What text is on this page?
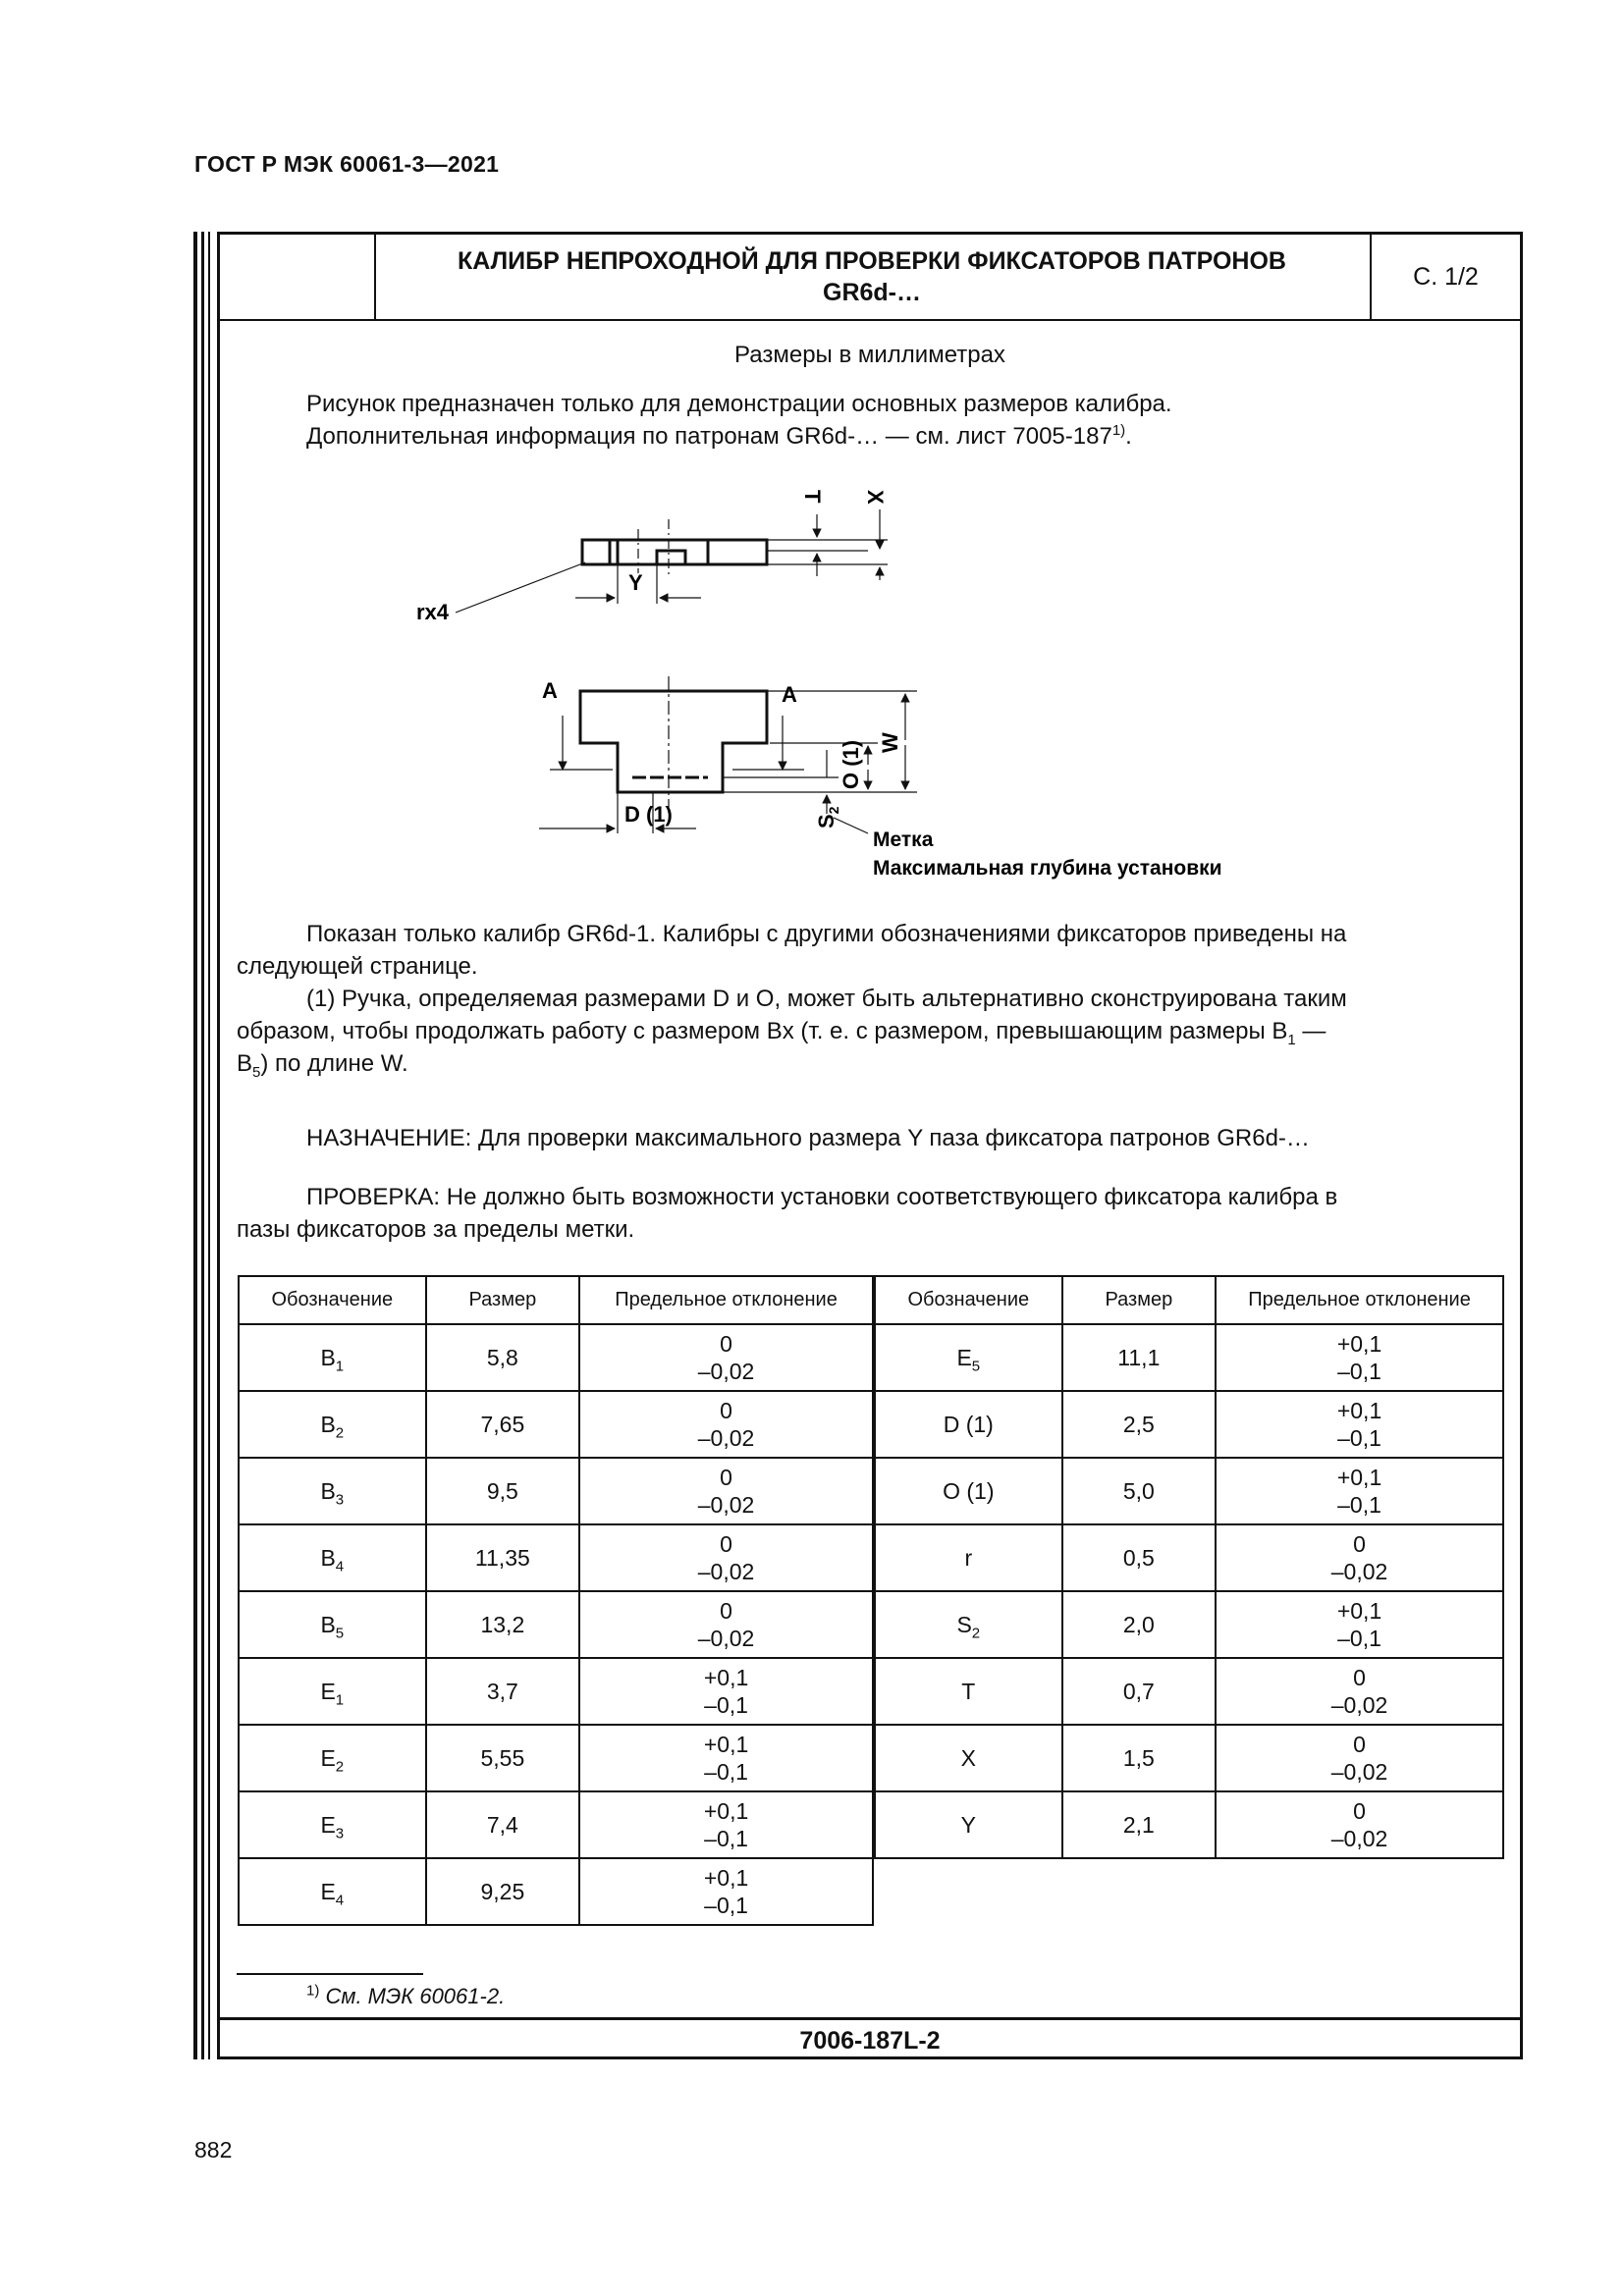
ГОСТ Р МЭК 60061-3—2021
КАЛИБР НЕПРОХОДНОЙ ДЛЯ ПРОВЕРКИ ФИКСАТОРОВ ПАТРОНОВ
GR6d-…
С. 1/2
Размеры в миллиметрах
Рисунок предназначен только для демонстрации основных размеров калибра.
Дополнительная информация по патронам GR6d-… — см. лист 7005-187$^{1)}$.
T X
Y
rx4
A	A
D (1)
O (1) W
$S_2$
Метка
Максимальная глубина установки
Показан только калибр GR6d-1. Калибры с другими обозначениями фиксаторов приведены на
следующей странице.
(1) Ручка, определяемая размерами D и O, может быть альтернативно сконструирована таким
образом, чтобы продолжать работу с размером Bx (т. е. с размером, превышающим размеры $B_1$ —
$B_5$) по длине W.
НАЗНАЧЕНИЕ: Для проверки максимального размера Y паза фиксатора патронов GR6d-…
ПРОВЕРКА: Не должно быть возможности установки соответствующего фиксатора калибра в
пазы фиксаторов за пределы метки.
Обозначение	Размер	Предельное отклонение
$B_1$	5,8	0
–0,02

$B_2$	7,65	0
–0,02

$B_3$	9,5	0
–0,02

$B_4$	11,35	0
–0,02

$B_5$	13,2	0
–0,02

$E_1$	3,7	+0,1
–0,1

$E_2$	5,55	+0,1
–0,1

$E_3$	7,4	+0,1
–0,1

$E_4$	9,25	+0,1
–0,1
Обозначение	Размер	Предельное отклонение
$E_5$	11,1	+0,1
–0,1

D (1)	2,5	+0,1
–0,1

O (1)	5,0	+0,1
–0,1

r	0,5	0
–0,02

$S_2$	2,0	+0,1
–0,1

T	0,7	0
–0,02

X	1,5	0
–0,02

Y	2,1	0
–0,02
$^{1)}$ См. МЭК 60061-2.
7006-187L-2
882
